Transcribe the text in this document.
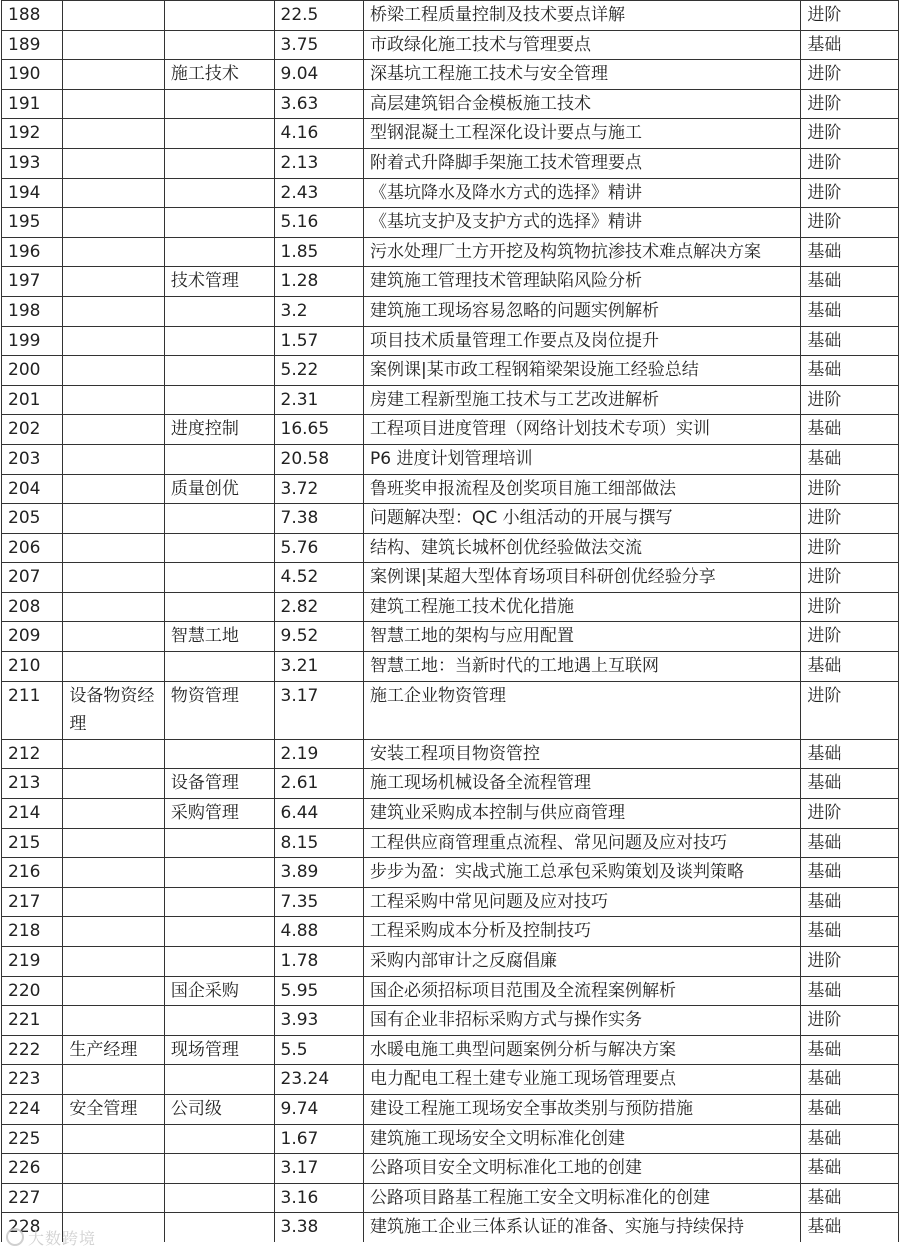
188			22.5	桥梁工程质量控制及技术要点详解	进阶
189			3.75	市政绿化施工技术与管理要点	基础
190		施工技术	9.04	深基坑工程施工技术与安全管理	进阶
191			3.63	高层建筑铝合金模板施工技术	进阶
192			4.16	型钢混凝土工程深化设计要点与施工	进阶
193			2.13	附着式升降脚手架施工技术管理要点	进阶
194			2.43	《基坑降水及降水方式的选择》精讲	进阶
195			5.16	《基坑支护及支护方式的选择》精讲	进阶
196			1.85	污水处理厂土方开挖及构筑物抗渗技术难点解决方案	基础
197		技术管理	1.28	建筑施工管理技术管理缺陷风险分析	基础
198			3.2	建筑施工现场容易忽略的问题实例解析	基础
199			1.57	项目技术质量管理工作要点及岗位提升	基础
200			5.22	案例课|某市政工程钢箱梁架设施工经验总结	基础
201			2.31	房建工程新型施工技术与工艺改进解析	进阶
202		进度控制	16.65	工程项目进度管理（网络计划技术专项）实训	基础
203			20.58	P6 进度计划管理培训	基础
204		质量创优	3.72	鲁班奖申报流程及创奖项目施工细部做法	进阶
205			7.38	问题解决型：QC 小组活动的开展与撰写	进阶
206			5.76	结构、建筑长城杯创优经验做法交流	进阶
207			4.52	案例课|某超大型体育场项目科研创优经验分享	进阶
208			2.82	建筑工程施工技术优化措施	进阶
209		智慧工地	9.52	智慧工地的架构与应用配置	进阶
210			3.21	智慧工地：当新时代的工地遇上互联网	基础
211	设备物资经理	物资管理	3.17	施工企业物资管理	进阶
212			2.19	安装工程项目物资管控	基础
213		设备管理	2.61	施工现场机械设备全流程管理	基础
214		采购管理	6.44	建筑业采购成本控制与供应商管理	进阶
215			8.15	工程供应商管理重点流程、常见问题及应对技巧	基础
216			3.89	步步为盈：实战式施工总承包采购策划及谈判策略	基础
217			7.35	工程采购中常见问题及应对技巧	基础
218			4.88	工程采购成本分析及控制技巧	基础
219			1.78	采购内部审计之反腐倡廉	进阶
220		国企采购	5.95	国企必须招标项目范围及全流程案例解析	基础
221			3.93	国有企业非招标采购方式与操作实务	进阶
222	生产经理	现场管理	5.5	水暖电施工典型问题案例分析与解决方案	基础
223			23.24	电力配电工程土建专业施工现场管理要点	基础
224	安全管理	公司级	9.74	建设工程施工现场安全事故类别与预防措施	基础
225			1.67	建筑施工现场安全文明标准化创建	基础
226			3.17	公路项目安全文明标准化工地的创建	基础
227			3.16	公路项目路基工程施工安全文明标准化的创建	基础
228			3.38	建筑施工企业三体系认证的准备、实施与持续保持	基础
大数跨境
